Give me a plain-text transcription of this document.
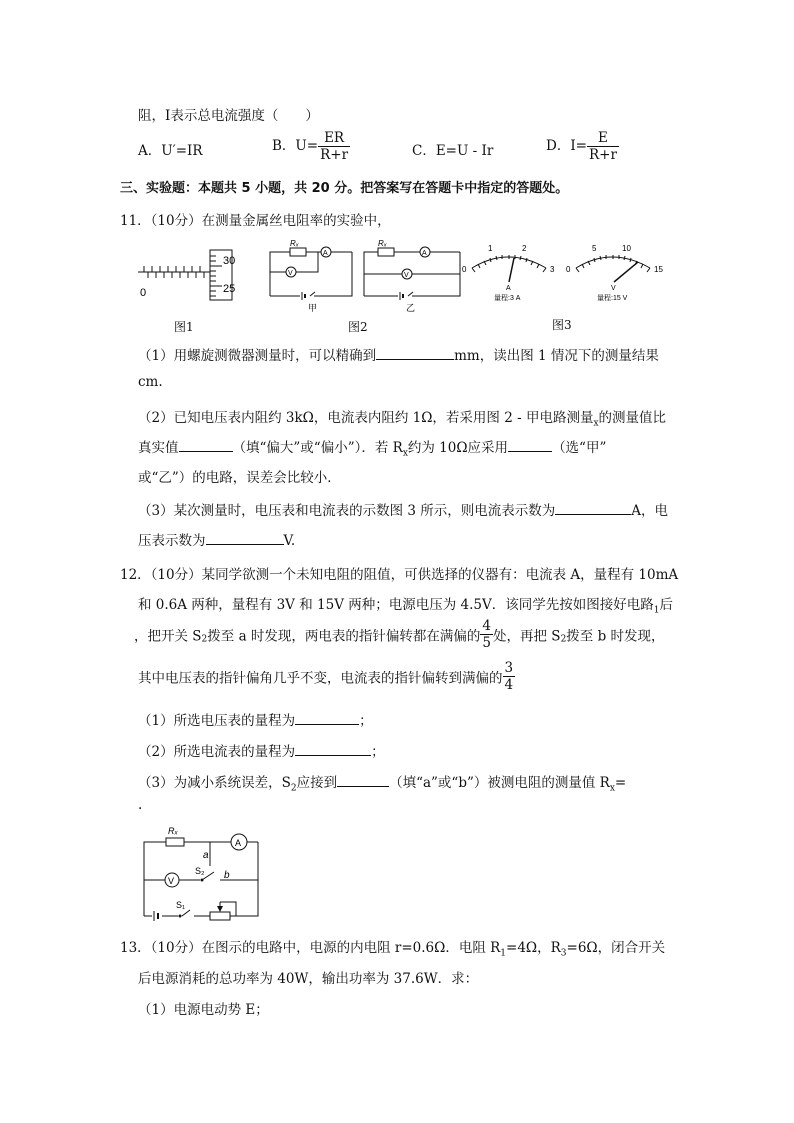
阻，I表示总电流强度（　　）
A．U′=IR	B．$U= \frac{ER}{R+r}$	C．E=U - Ir	D．$I= \frac{E}{R+r}$
三、实验题：本题共 5 小题，共 20 分。把答案写在答题卡中指定的答题处。
11．（10分）在测量金属丝电阻率的实验中，
30
25
0
图1
Rₓ
A
V
甲
Rₓ
A
V
乙
图2
0
1	2
3
A
量程:3 A
0
5	10
15
V
量程:15 V
图3
（1）用螺旋测微器测量时，可以精确到	mm，读出图 1 情况下的测量结果
cm.
（2）已知电压表内阻约 3kΩ，电流表内阻约 1Ω，若采用图 2 - 甲电路测量$_x$的测量值比
真实值	（填“偏大”或“偏小”）．若 $R_x$约为 10Ω应采用	（选“甲”
或“乙”）的电路，误差会比较小．
（3）某次测量时，电压表和电流表的示数图 3 所示，则电流表示数为	A，电
压表示数为	V.
12．（10分）某同学欲测一个未知电阻的阻值，可供选择的仪器有：电流表 A，量程有 10mA
和 0.6A 两种，量程有 3V 和 15V 两种；电源电压为 4.5V．该同学先按如图接好电路$_1$后
，把开关 $S_2$拨至 a 时发现，两电表的指针偏转都在满偏的 $\frac{4}{5}$ 处，再把 $S_2$拨至 b 时发现，
其中电压表的指针偏角几乎不变，电流表的指针偏转到满偏的 $\frac{3}{4}$
（1）所选电压表的量程为	；
（2）所选电流表的量程为	；
（3）为减小系统误差，$S_2$应接到	（填“a”或“b”）被测电阻的测量值 $R_x=$
.
Rₓ
A
V
a
S₂ b
S₁
13．（10分）在图示的电路中，电源的内电阻 r=0.6Ω．电阻 $R_1=4\Omega$，$R_3=6\Omega$，闭合开关
后电源消耗的总功率为 40W，输出功率为 37.6W．求：
（1）电源电动势 E；
